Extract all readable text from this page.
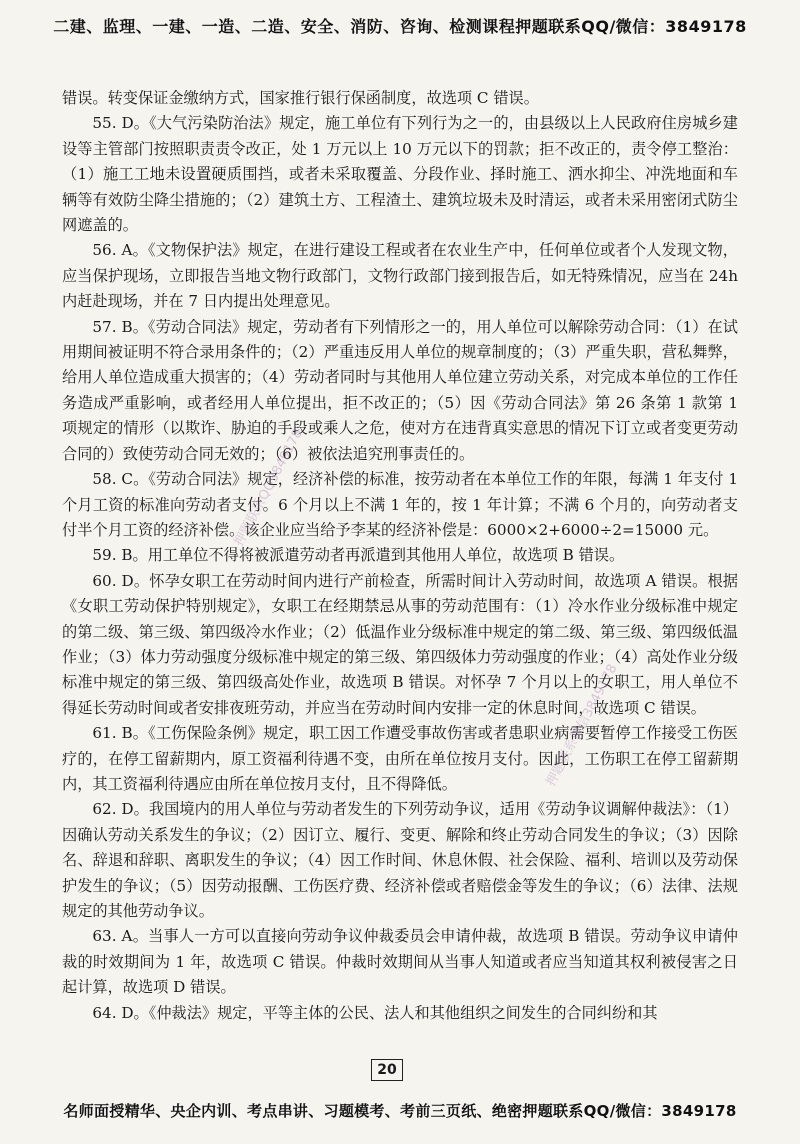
二建、监理、一建、一造、二造、安全、消防、咨询、检测课程押题联系QQ/微信：3849178

错误。转变保证金缴纳方式，国家推行银行保函制度，故选项 C 错误。

55. D。《大气污染防治法》规定，施工单位有下列行为之一的，由县级以上人民政府住房城乡建设等主管部门按照职责责令改正，处 1 万元以上 10 万元以下的罚款；拒不改正的，责令停工整治：（1）施工工地未设置硬质围挡，或者未采取覆盖、分段作业、择时施工、洒水抑尘、冲洗地面和车辆等有效防尘降尘措施的；（2）建筑土方、工程渣土、建筑垃圾未及时清运，或者未采用密闭式防尘网遮盖的。

56. A。《文物保护法》规定，在进行建设工程或者在农业生产中，任何单位或者个人发现文物，应当保护现场，立即报告当地文物行政部门，文物行政部门接到报告后，如无特殊情况，应当在 24h 内赶赴现场，并在 7 日内提出处理意见。

57. B。《劳动合同法》规定，劳动者有下列情形之一的，用人单位可以解除劳动合同：（1）在试用期间被证明不符合录用条件的；（2）严重违反用人单位的规章制度的；（3）严重失职，营私舞弊，给用人单位造成重大损害的；（4）劳动者同时与其他用人单位建立劳动关系，对完成本单位的工作任务造成严重影响，或者经用人单位提出，拒不改正的；（5）因《劳动合同法》第 26 条第 1 款第 1 项规定的情形（以欺诈、胁迫的手段或乘人之危，使对方在违背真实意思的情况下订立或者变更劳动合同的）致使劳动合同无效的；（6）被依法追究刑事责任的。

58. C。《劳动合同法》规定，经济补偿的标准，按劳动者在本单位工作的年限，每满 1 年支付 1 个月工资的标准向劳动者支付。6 个月以上不满 1 年的，按 1 年计算；不满 6 个月的，向劳动者支付半个月工资的经济补偿。该企业应当给予李某的经济补偿是：6000×2+6000÷2=15000 元。

59. B。用工单位不得将被派遣劳动者再派遣到其他用人单位，故选项 B 错误。

60. D。怀孕女职工在劳动时间内进行产前检查，所需时间计入劳动时间，故选项 A 错误。根据《女职工劳动保护特别规定》，女职工在经期禁忌从事的劳动范围有：（1）冷水作业分级标准中规定的第二级、第三级、第四级冷水作业；（2）低温作业分级标准中规定的第二级、第三级、第四级低温作业；（3）体力劳动强度分级标准中规定的第三级、第四级体力劳动强度的作业；（4）高处作业分级标准中规定的第三级、第四级高处作业，故选项 B 错误。对怀孕 7 个月以上的女职工，用人单位不得延长劳动时间或者安排夜班劳动，并应当在劳动时间内安排一定的休息时间，故选项 C 错误。

61. B。《工伤保险条例》规定，职工因工作遭受事故伤害或者患职业病需要暂停工作接受工伤医疗的，在停工留薪期内，原工资福利待遇不变，由所在单位按月支付。因此，工伤职工在停工留薪期内，其工资福利待遇应由所在单位按月支付，且不得降低。

62. D。我国境内的用人单位与劳动者发生的下列劳动争议，适用《劳动争议调解仲裁法》：（1）因确认劳动关系发生的争议；（2）因订立、履行、变更、解除和终止劳动合同发生的争议；（3）因除名、辞退和辞职、离职发生的争议；（4）因工作时间、休息休假、社会保险、福利、培训以及劳动保护发生的争议；（5）因劳动报酬、工伤医疗费、经济补偿或者赔偿金等发生的争议；（6）法律、法规规定的其他劳动争议。

63. A。当事人一方可以直接向劳动争议仲裁委员会申请仲裁，故选项 B 错误。劳动争议申请仲裁的时效期间为 1 年，故选项 C 错误。仲裁时效期间从当事人知道或者应当知道其权利被侵害之日起计算，故选项 D 错误。

64. D。《仲裁法》规定，平等主体的公民、法人和其他组织之间发生的合同纠纷和其

押题联系QQ3849178
押题联系微信3849178
20
名师面授精华、央企内训、考点串讲、习题模考、考前三页纸、绝密押题联系QQ/微信：3849178
